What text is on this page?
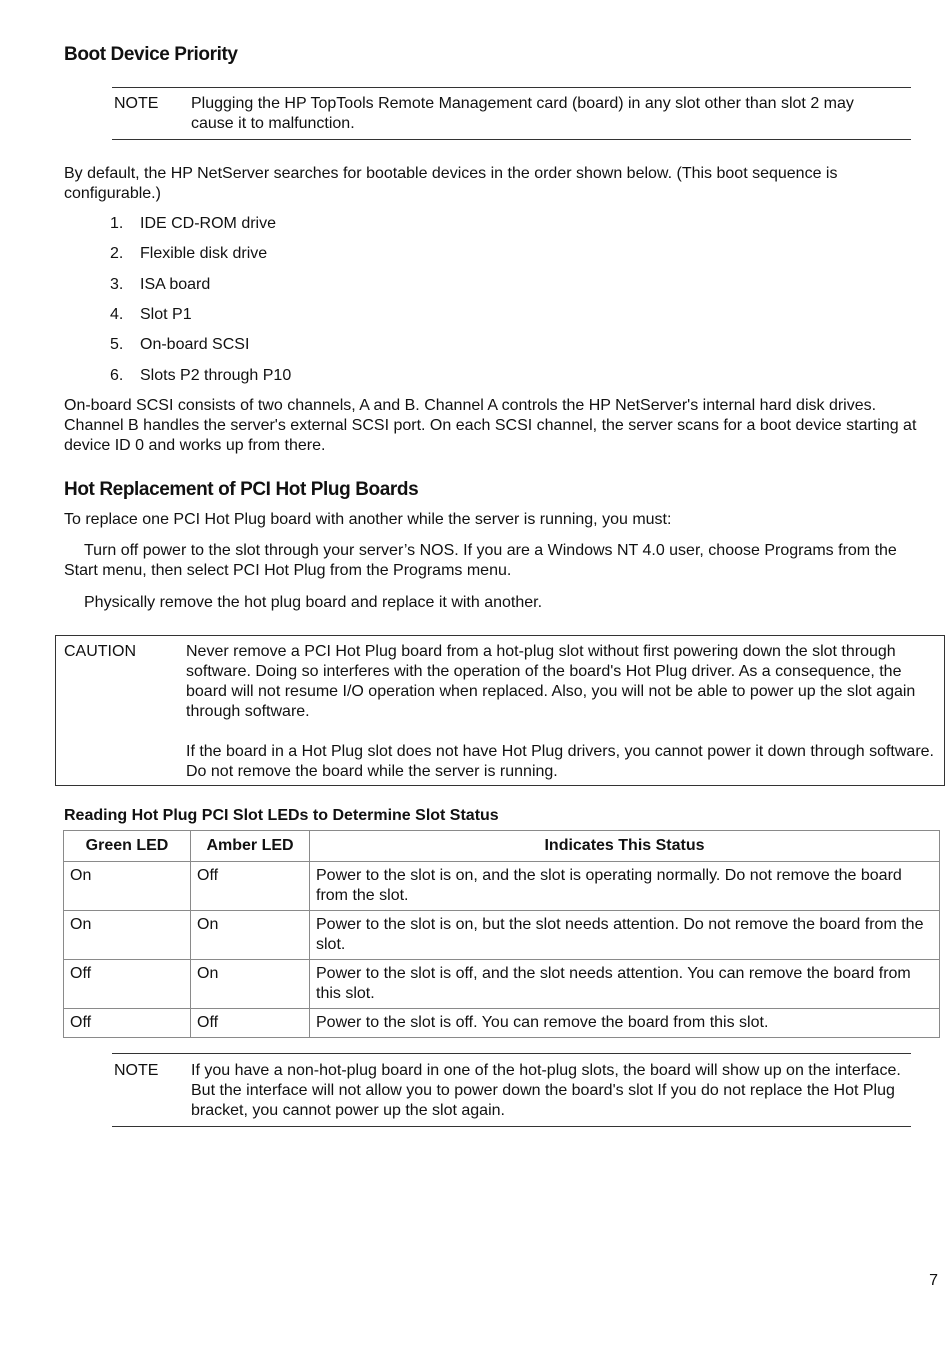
Boot Device Priority
NOTE Plugging the HP TopTools Remote Management card (board) in any slot other than slot 2 may cause it to malfunction.

By default, the HP NetServer searches for bootable devices in the order shown below. (This boot sequence is configurable.)

1. IDE CD-ROM drive
2. Flexible disk drive
3. ISA board
4. Slot P1
5. On-board SCSI
6. Slots P2 through P10

On-board SCSI consists of two channels, A and B. Channel A controls the HP NetServer's internal hard disk drives. Channel B handles the server's external SCSI port. On each SCSI channel, the server scans for a boot device starting at device ID 0 and works up from there.

Hot Replacement of PCI Hot Plug Boards

To replace one PCI Hot Plug board with another while the server is running, you must:

Turn off power to the slot through your server’s NOS. If you are a Windows NT 4.0 user, choose Programs from the Start menu, then select PCI Hot Plug from the Programs menu.

Physically remove the hot plug board and replace it with another.

CAUTION	Never remove a PCI Hot Plug board from a hot-plug slot without first powering down the slot through software. Doing so interferes with the operation of the board's Hot Plug driver. As a consequence, the board will not resume I/O operation when replaced. Also, you will not be able to power up the slot again through software.

If the board in a Hot Plug slot does not have Hot Plug drivers, you cannot power it down through software. Do not remove the board while the server is running.

Reading Hot Plug PCI Slot LEDs to Determine Slot Status
Green LED	Amber LED	Indicates This Status
On	Off	Power to the slot is on, and the slot is operating normally. Do not remove the board from the slot.
On	On	Power to the slot is on, but the slot needs attention. Do not remove the board from the slot.
Off	On	Power to the slot is off, and the slot needs attention. You can remove the board from this slot.
Off	Off	Power to the slot is off. You can remove the board from this slot.
NOTE If you have a non-hot-plug board in one of the hot-plug slots, the board will show up on the interface. But the interface will not allow you to power down the board's slot If you do not replace the Hot Plug bracket, you cannot power up the slot again.
7
